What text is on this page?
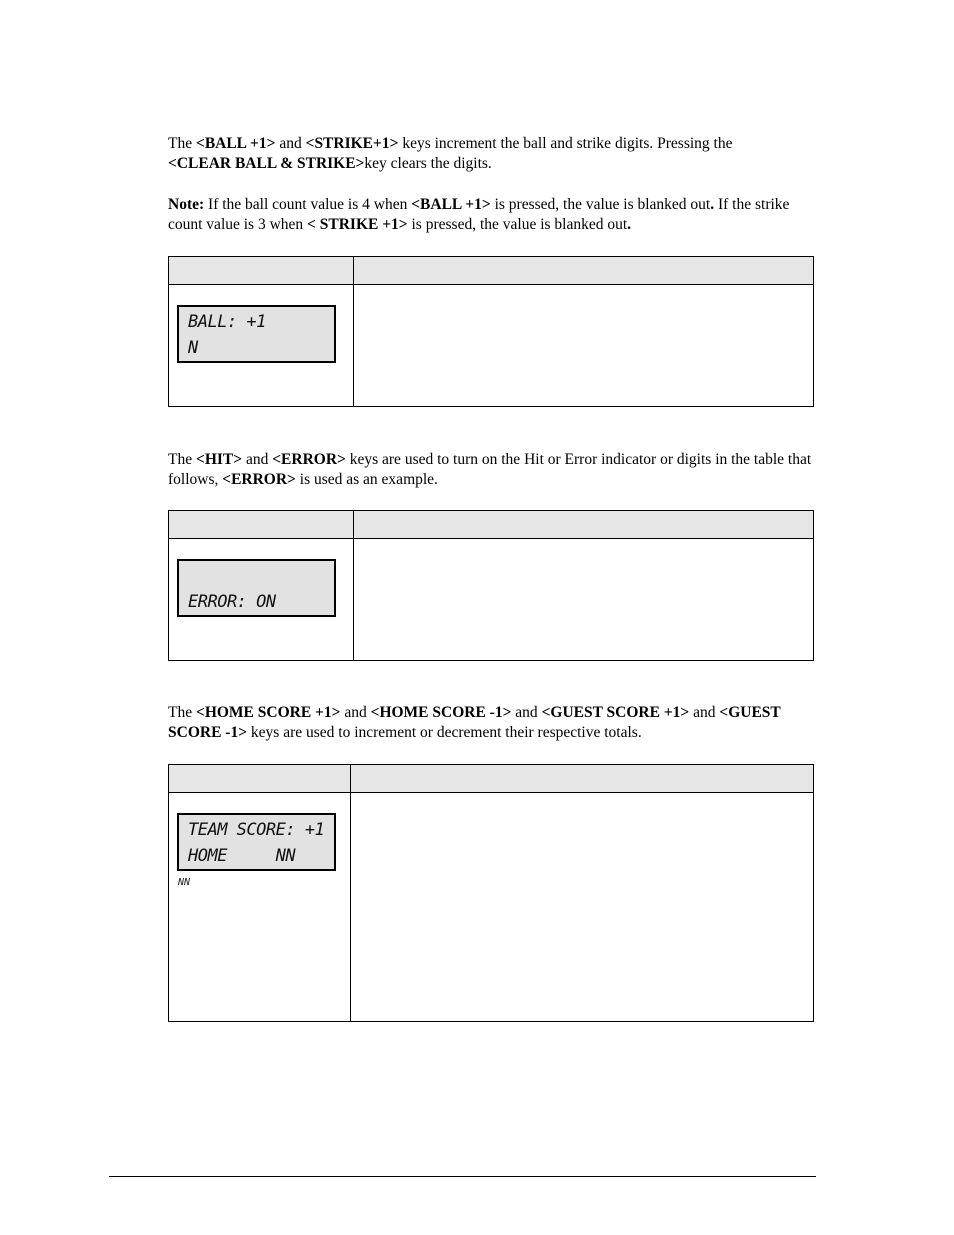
The <BALL +1> and <STRIKE+1> keys increment the ball and strike digits. Pressing the
<CLEAR BALL & STRIKE>key clears the digits.

Note: If the ball count value is 4 when <BALL +1> is pressed, the value is blanked out. If the strike count value is 3 when < STRIKE +1> is pressed, the value is blanked out.

BALL: +1
N	

The <HIT> and <ERROR> keys are used to turn on the Hit or Error indicator or digits in the table that follows, <ERROR> is used as an example.

ERROR: ON	

The <HOME SCORE +1> and <HOME SCORE -1> and <GUEST SCORE +1> and <GUEST SCORE -1> keys are used to increment or decrement their respective totals.

TEAM SCORE: +1
HOME     NN
NN	
